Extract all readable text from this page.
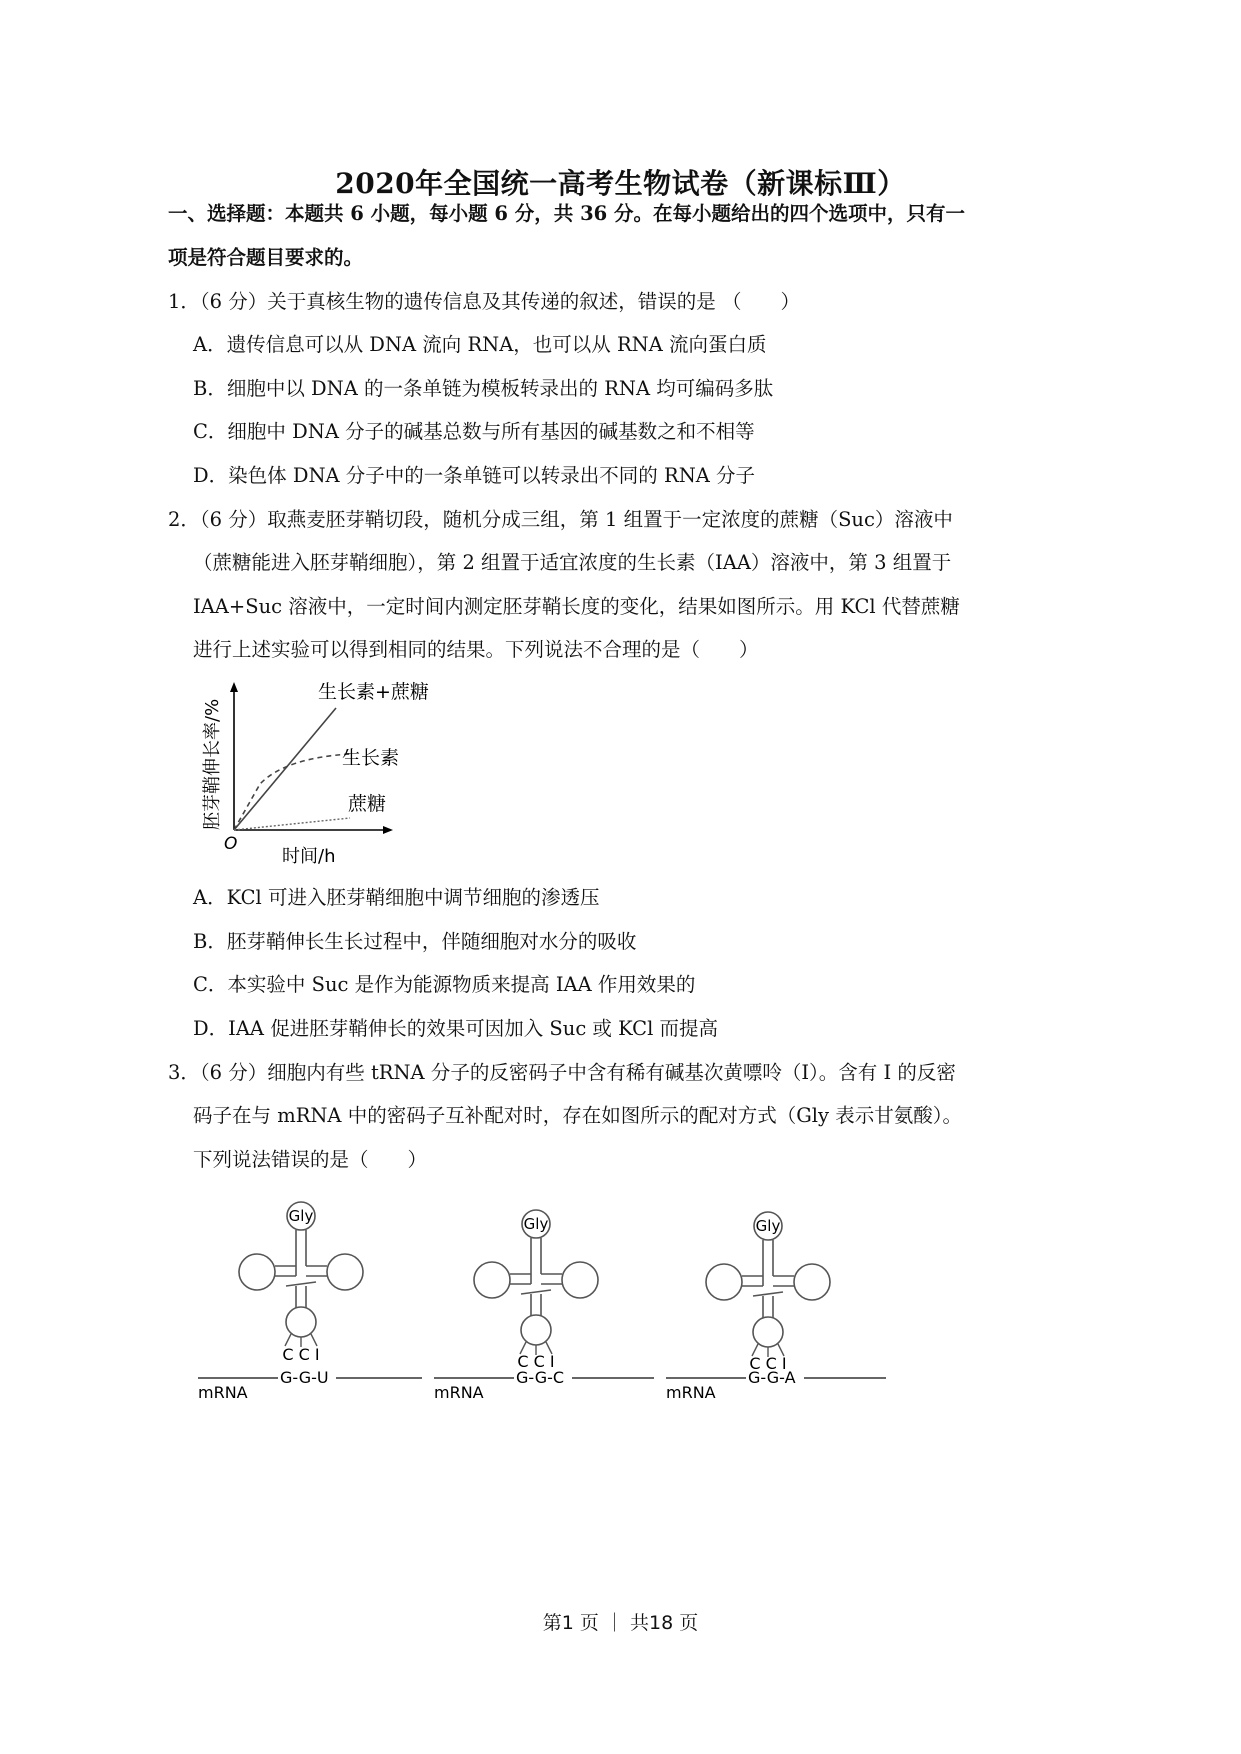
2020年全国统一高考生物试卷（新课标Ⅲ）
一、选择题：本题共 6 小题，每小题 6 分，共 36 分。在每小题给出的四个选项中，只有一
项是符合题目要求的。
1．（6 分）关于真核生物的遗传信息及其传递的叙述，错误的是 （　　）
A．遗传信息可以从 DNA 流向 RNA，也可以从 RNA 流向蛋白质
B．细胞中以 DNA 的一条单链为模板转录出的 RNA 均可编码多肽
C．细胞中 DNA 分子的碱基总数与所有基因的碱基数之和不相等
D．染色体 DNA 分子中的一条单链可以转录出不同的 RNA 分子
2．（6 分）取燕麦胚芽鞘切段，随机分成三组，第 1 组置于一定浓度的蔗糖（Suc）溶液中
（蔗糖能进入胚芽鞘细胞），第 2 组置于适宜浓度的生长素（IAA）溶液中，第 3 组置于
IAA+Suc 溶液中，一定时间内测定胚芽鞘长度的变化，结果如图所示。用 KCl 代替蔗糖
进行上述实验可以得到相同的结果。下列说法不合理的是（　　）
生长素+蔗糖
生长素
蔗糖
O
时间/h
胚芽鞘伸长率/%
A．KCl 可进入胚芽鞘细胞中调节细胞的渗透压
B．胚芽鞘伸长生长过程中，伴随细胞对水分的吸收
C．本实验中 Suc 是作为能源物质来提高 IAA 作用效果的
D．IAA 促进胚芽鞘伸长的效果可因加入 Suc 或 KCl 而提高
3．（6 分）细胞内有些 tRNA 分子的反密码子中含有稀有碱基次黄嘌呤（I）。含有 I 的反密
码子在与 mRNA 中的密码子互补配对时，存在如图所示的配对方式（Gly 表示甘氨酸）。
下列说法错误的是（　　）
Gly
C C I
G-G-U
mRNA
Gly
C C I
G-G-C
mRNA
Gly
C C I
G-G-A
mRNA
第1 页 ｜ 共18 页
